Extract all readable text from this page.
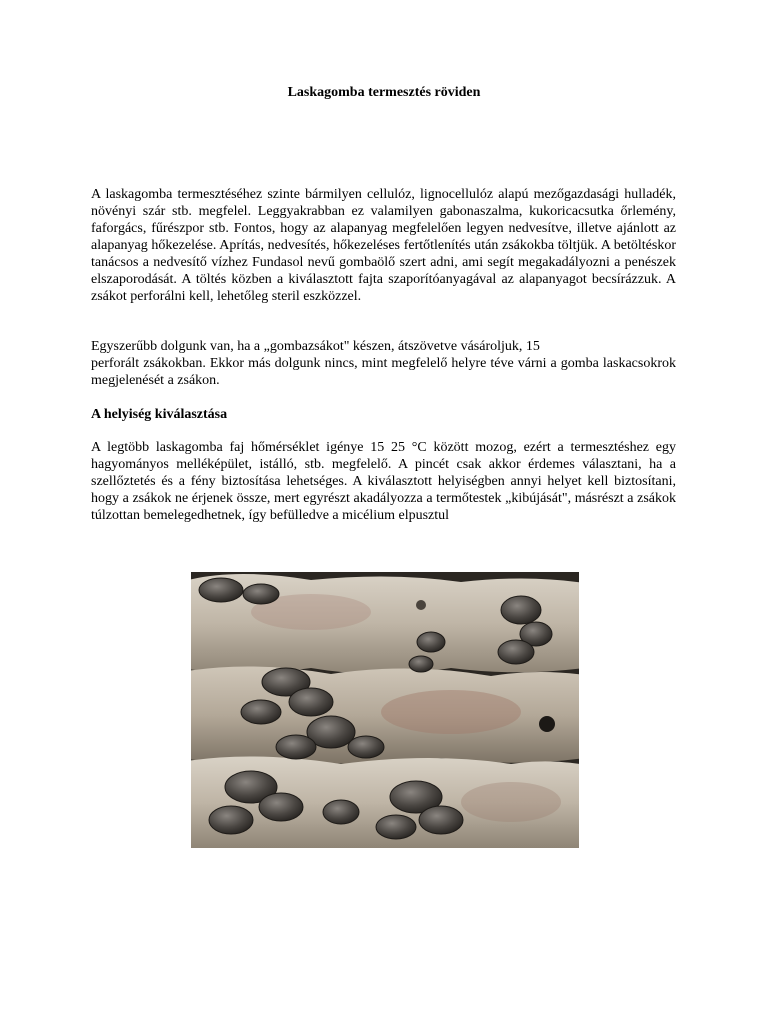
Laskagomba termesztés röviden

A laskagomba termesztéséhez szinte bármilyen cellulóz, lignocellulóz alapú mezőgazdasági hulladék, növényi szár stb. megfelel. Leggyakrabban ez valamilyen gabonaszalma, kukoricacsutka őrlemény, faforgács, fűrészpor stb. Fontos, hogy az alapanyag megfelelően legyen nedvesítve, illetve ajánlott az alapanyag hőkezelése. Aprítás, nedvesítés, hőkezeléses fertőtlenítés után zsákokba töltjük. A betöltéskor tanácsos a nedvesítő vízhez Fundasol nevű gombaölő szert adni, ami segít megakadályozni a penészek elszaporodását. A töltés közben a kiválasztott fajta szaporítóanyagával az alapanyagot becsírázzuk. A zsákot perforálni kell, lehetőleg steril eszközzel.

Egyszerűbb dolgunk van, ha a „gombazsákot" készen, átszövetve vásároljuk, 15

perforált zsákokban. Ekkor más dolgunk nincs, mint megfelelő helyre téve várni a gomba laskacsokrok megjelenését a zsákon.

A helyiség kiválasztása

A legtöbb laskagomba faj hőmérséklet igénye 15 25 °C között mozog, ezért a termesztéshez egy hagyományos melléképület, istálló, stb. megfelelő. A pincét csak akkor érdemes választani, ha a szellőztetés és a fény biztosítása lehetséges. A kiválasztott helyiségben annyi helyet kell biztosítani, hogy a zsákok ne érjenek össze, mert egyrészt akadályozza a termőtestek „kibújását", másrészt a zsákok túlzottan bemelegedhetnek, így befülledve a micélium elpusztul
